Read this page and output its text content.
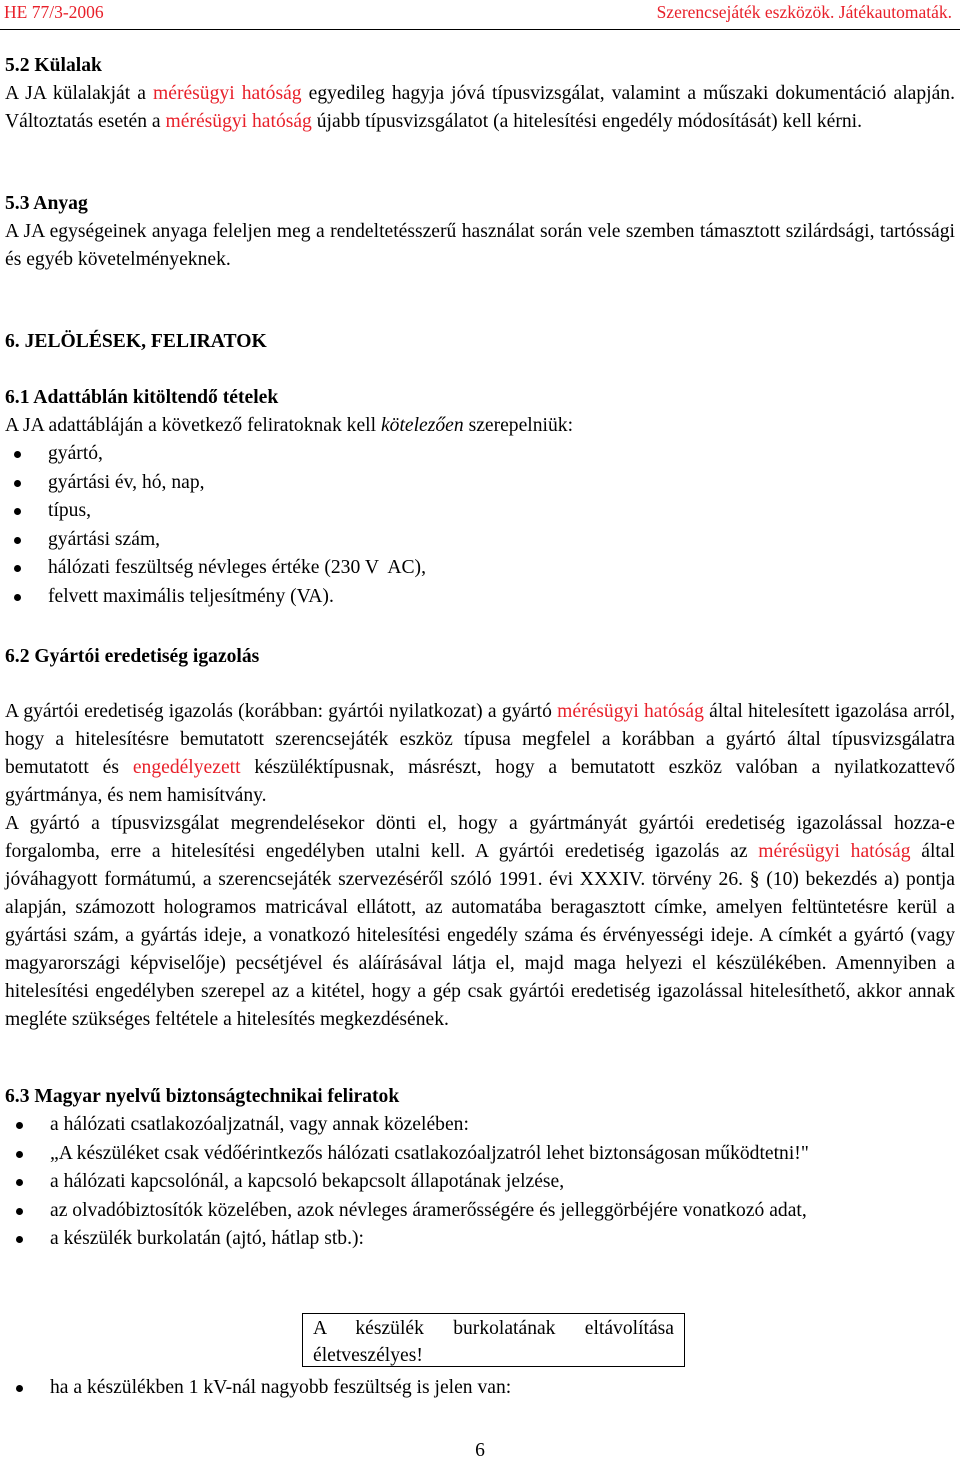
HE 77/3-2006	Szerencsejáték eszközök. Játékautomaták.
5.2 Külalak

A JA külalakját a mérésügyi hatóság egyedileg hagyja jóvá típusvizsgálat, valamint a műszaki dokumentáció alapján. Változtatás esetén a mérésügyi hatóság újabb típusvizsgálatot (a hitelesítési engedély módosítását) kell kérni.

5.3 Anyag

A JA egységeinek anyaga feleljen meg a rendeltetésszerű használat során vele szemben támasztott szilárdsági, tartóssági és egyéb követelményeknek.

6. JELÖLÉSEK, FELIRATOK
6.1 Adattáblán kitöltendő tételek
A JA adattábláján a következő feliratoknak kell kötelezően szerepelniük:
gyártó,
gyártási év, hó, nap,
típus,
gyártási szám,
hálózati feszültség névleges értéke (230 V  AC),
felvett maximális teljesítmény (VA).
6.2 Gyártói eredetiség igazolás

A gyártói eredetiség igazolás (korábban: gyártói nyilatkozat) a gyártó mérésügyi hatóság által hitelesített igazolása arról, hogy a hitelesítésre bemutatott szerencsejáték eszköz típusa megfelel a korábban a gyártó által típusvizsgálatra bemutatott és engedélyezett készüléktípusnak, másrészt, hogy a bemutatott eszköz valóban a nyilatkozattevő gyártmánya, és nem hamisítvány.

A gyártó a típusvizsgálat megrendelésekor dönti el, hogy a gyártmányát gyártói eredetiség igazolással hozza-e forgalomba, erre a hitelesítési engedélyben utalni kell. A gyártói eredetiség igazolás az mérésügyi hatóság által jóváhagyott formátumú, a szerencsejáték szervezéséről szóló 1991. évi XXXIV. törvény 26. § (10) bekezdés a) pontja alapján, számozott hologramos matricával ellátott, az automatába beragasztott címke, amelyen feltüntetésre kerül a gyártási szám, a gyártás ideje, a vonatkozó hitelesítési engedély száma és érvényességi ideje. A címkét a gyártó (vagy magyarországi képviselője) pecsétjével és aláírásával látja el, majd maga helyezi el készülékében. Amennyiben a hitelesítési engedélyben szerepel az a kitétel, hogy a gép csak gyártói eredetiség igazolással hitelesíthető, akkor annak megléte szükséges feltétele a hitelesítés megkezdésének.

6.3 Magyar nyelvű biztonságtechnikai feliratok
a hálózati csatlakozóaljzatnál, vagy annak közelében:
„A készüléket csak védőérintkezős hálózati csatlakozóaljzatról lehet biztonságosan működtetni!"
a hálózati kapcsolónál, a kapcsoló bekapcsolt állapotának jelzése,
az olvadóbiztosítók közelében, azok névleges áramerősségére és jelleggörbéjére vonatkozó adat,
a készülék burkolatán (ajtó, hátlap stb.):
A készülék burkolatának eltávolítása életveszélyes!
ha a készülékben 1 kV-nál nagyobb feszültség is jelen van:
6
